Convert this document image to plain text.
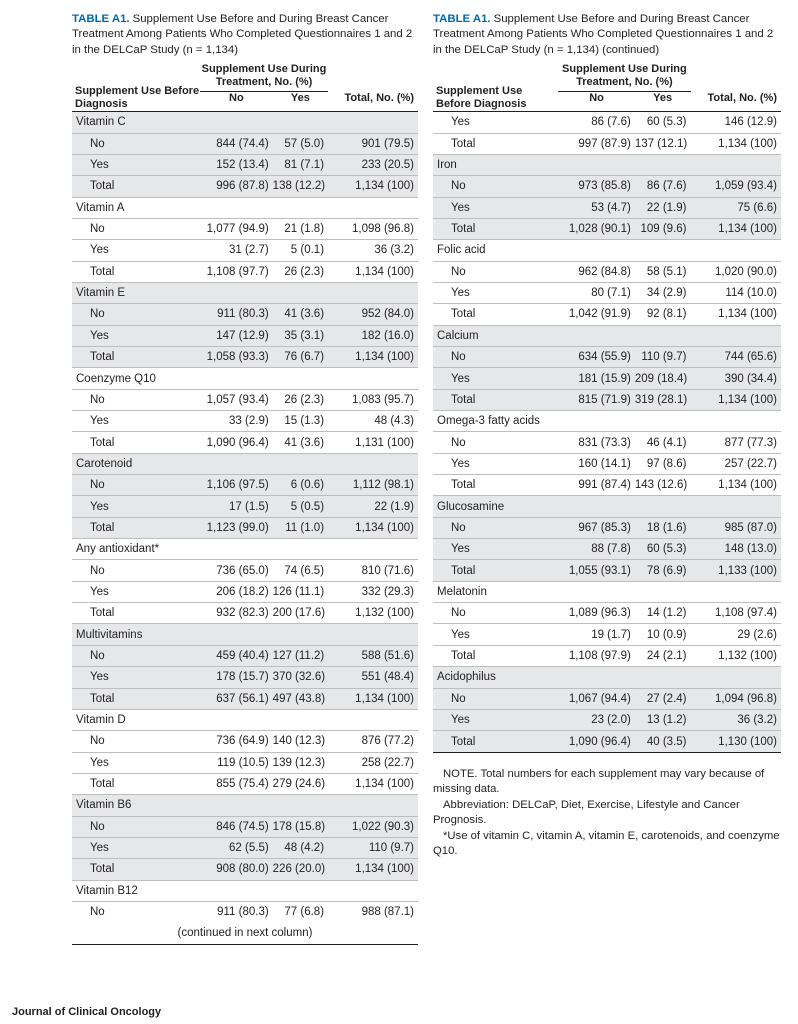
TABLE A1. Supplement Use Before and During Breast Cancer Treatment Among Patients Who Completed Questionnaires 1 and 2 in the DELCaP Study (n = 1,134)

Supplement Use Before Diagnosis	Supplement Use During Treatment, No. (%)	

	No	Yes	Total, No. (%)
Vitamin C			
No	844 (74.4)	57 (5.0)	901 (79.5)
Yes	152 (13.4)	81 (7.1)	233 (20.5)
Total	996 (87.8)	138 (12.2)	1,134 (100)
Vitamin A			
No	1,077 (94.9)	21 (1.8)	1,098 (96.8)
Yes	31 (2.7)	5 (0.1)	36 (3.2)
Total	1,108 (97.7)	26 (2.3)	1,134 (100)
Vitamin E			
No	911 (80.3)	41 (3.6)	952 (84.0)
Yes	147 (12.9)	35 (3.1)	182 (16.0)
Total	1,058 (93.3)	76 (6.7)	1,134 (100)
Coenzyme Q10			
No	1,057 (93.4)	26 (2.3)	1,083 (95.7)
Yes	33 (2.9)	15 (1.3)	48 (4.3)
Total	1,090 (96.4)	41 (3.6)	1,131 (100)
Carotenoid			
No	1,106 (97.5)	6 (0.6)	1,112 (98.1)
Yes	17 (1.5)	5 (0.5)	22 (1.9)
Total	1,123 (99.0)	11 (1.0)	1,134 (100)
Any antioxidant*			
No	736 (65.0)	74 (6.5)	810 (71.6)
Yes	206 (18.2)	126 (11.1)	332 (29.3)
Total	932 (82.3)	200 (17.6)	1,132 (100)
Multivitamins			
No	459 (40.4)	127 (11.2)	588 (51.6)
Yes	178 (15.7)	370 (32.6)	551 (48.4)
Total	637 (56.1)	497 (43.8)	1,134 (100)
Vitamin D			
No	736 (64.9)	140 (12.3)	876 (77.2)
Yes	119 (10.5)	139 (12.3)	258 (22.7)
Total	855 (75.4)	279 (24.6)	1,134 (100)
Vitamin B6			
No	846 (74.5)	178 (15.8)	1,022 (90.3)
Yes	62 (5.5)	48 (4.2)	110 (9.7)
Total	908 (80.0)	226 (20.0)	1,134 (100)
Vitamin B12			
No	911 (80.3)	77 (6.8)	988 (87.1)
(continued in next column)

TABLE A1. Supplement Use Before and During Breast Cancer Treatment Among Patients Who Completed Questionnaires 1 and 2 in the DELCaP Study (n = 1,134) (continued)

Supplement Use Before Diagnosis	Supplement Use During Treatment, No. (%)	

	No	Yes	Total, No. (%)
Yes	86 (7.6)	60 (5.3)	146 (12.9)
Total	997 (87.9)	137 (12.1)	1,134 (100)
Iron			
No	973 (85.8)	86 (7.6)	1,059 (93.4)
Yes	53 (4.7)	22 (1.9)	75 (6.6)
Total	1,028 (90.1)	109 (9.6)	1,134 (100)
Folic acid			
No	962 (84.8)	58 (5.1)	1,020 (90.0)
Yes	80 (7.1)	34 (2.9)	114 (10.0)
Total	1,042 (91.9)	92 (8.1)	1,134 (100)
Calcium			
No	634 (55.9)	110 (9.7)	744 (65.6)
Yes	181 (15.9)	209 (18.4)	390 (34.4)
Total	815 (71.9)	319 (28.1)	1,134 (100)
Omega-3 fatty acids			
No	831 (73.3)	46 (4.1)	877 (77.3)
Yes	160 (14.1)	97 (8.6)	257 (22.7)
Total	991 (87.4)	143 (12.6)	1,134 (100)
Glucosamine			
No	967 (85.3)	18 (1.6)	985 (87.0)
Yes	88 (7.8)	60 (5.3)	148 (13.0)
Total	1,055 (93.1)	78 (6.9)	1,133 (100)
Melatonin			
No	1,089 (96.3)	14 (1.2)	1,108 (97.4)
Yes	19 (1.7)	10 (0.9)	29 (2.6)
Total	1,108 (97.9)	24 (2.1)	1,132 (100)
Acidophilus			
No	1,067 (94.4)	27 (2.4)	1,094 (96.8)
Yes	23 (2.0)	13 (1.2)	36 (3.2)
Total	1,090 (96.4)	40 (3.5)	1,130 (100)

NOTE. Total numbers for each supplement may vary because of missing data.

Abbreviation: DELCaP, Diet, Exercise, Lifestyle and Cancer Prognosis.

*Use of vitamin C, vitamin A, vitamin E, carotenoids, and coenzyme Q10.

Journal of Clinical Oncology
